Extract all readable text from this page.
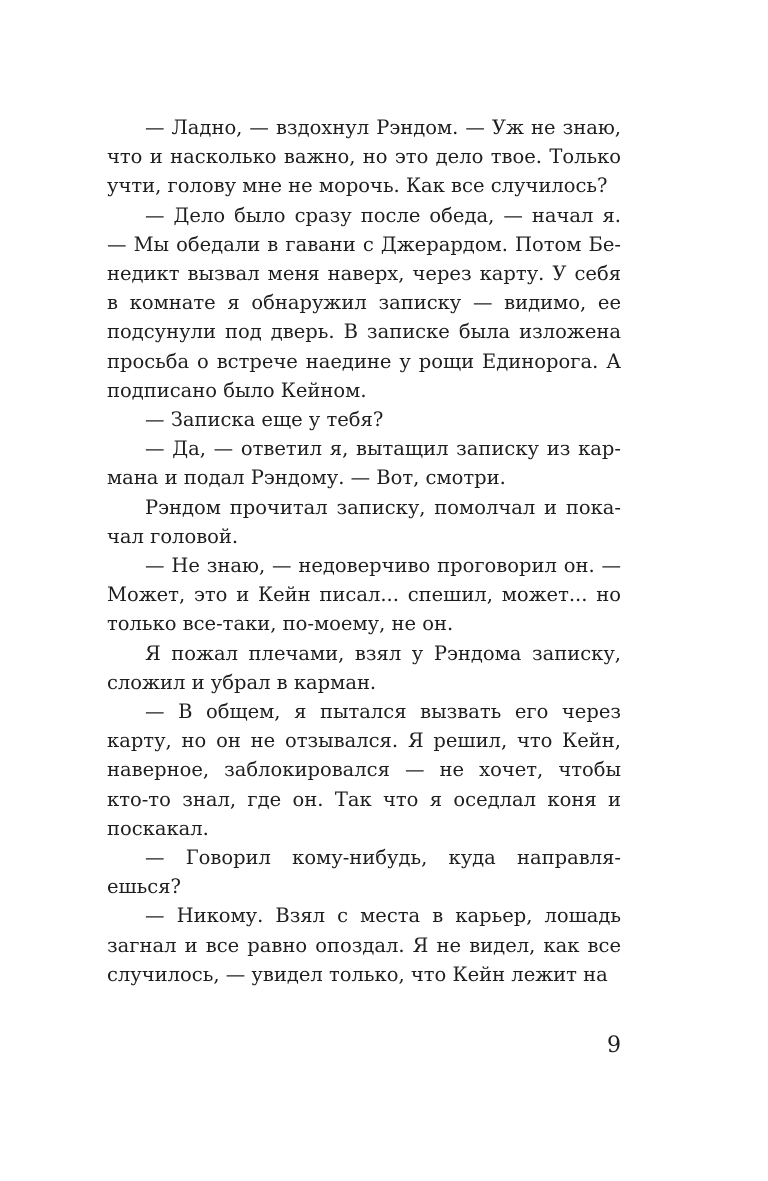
— Ладно, — вздохнул Рэндом. — Уж не знаю, что и насколько важно, но это дело твое. Только учти, голову мне не морочь. Как все случилось?

— Дело было сразу после обеда, — начал я. — Мы обедали в гавани с Джерардом. Потом Бенедикт вызвал меня наверх, через карту. У себя в комнате я обнаружил записку — видимо, ее подсунули под дверь. В записке была изложена просьба о встрече наедине у рощи Единорога. А подписано было Кейном.

— Записка еще у тебя?

— Да, — ответил я, вытащил записку из кармана и подал Рэндому. — Вот, смотри.

Рэндом прочитал записку, помолчал и покачал головой.

— Не знаю, — недоверчиво проговорил он. — Может, это и Кейн писал... спешил, может... но только все-таки, по-моему, не он.

Я пожал плечами, взял у Рэндома записку, сложил и убрал в карман.

— В общем, я пытался вызвать его через карту, но он не отзывался. Я решил, что Кейн, наверное, заблокировался — не хочет, чтобы кто-то знал, где он. Так что я оседлал коня и поскакал.

— Говорил кому-нибудь, куда направляешься?

— Никому. Взял с места в карьер, лошадь загнал и все равно опоздал. Я не видел, как все случилось, — увидел только, что Кейн лежит на

9
